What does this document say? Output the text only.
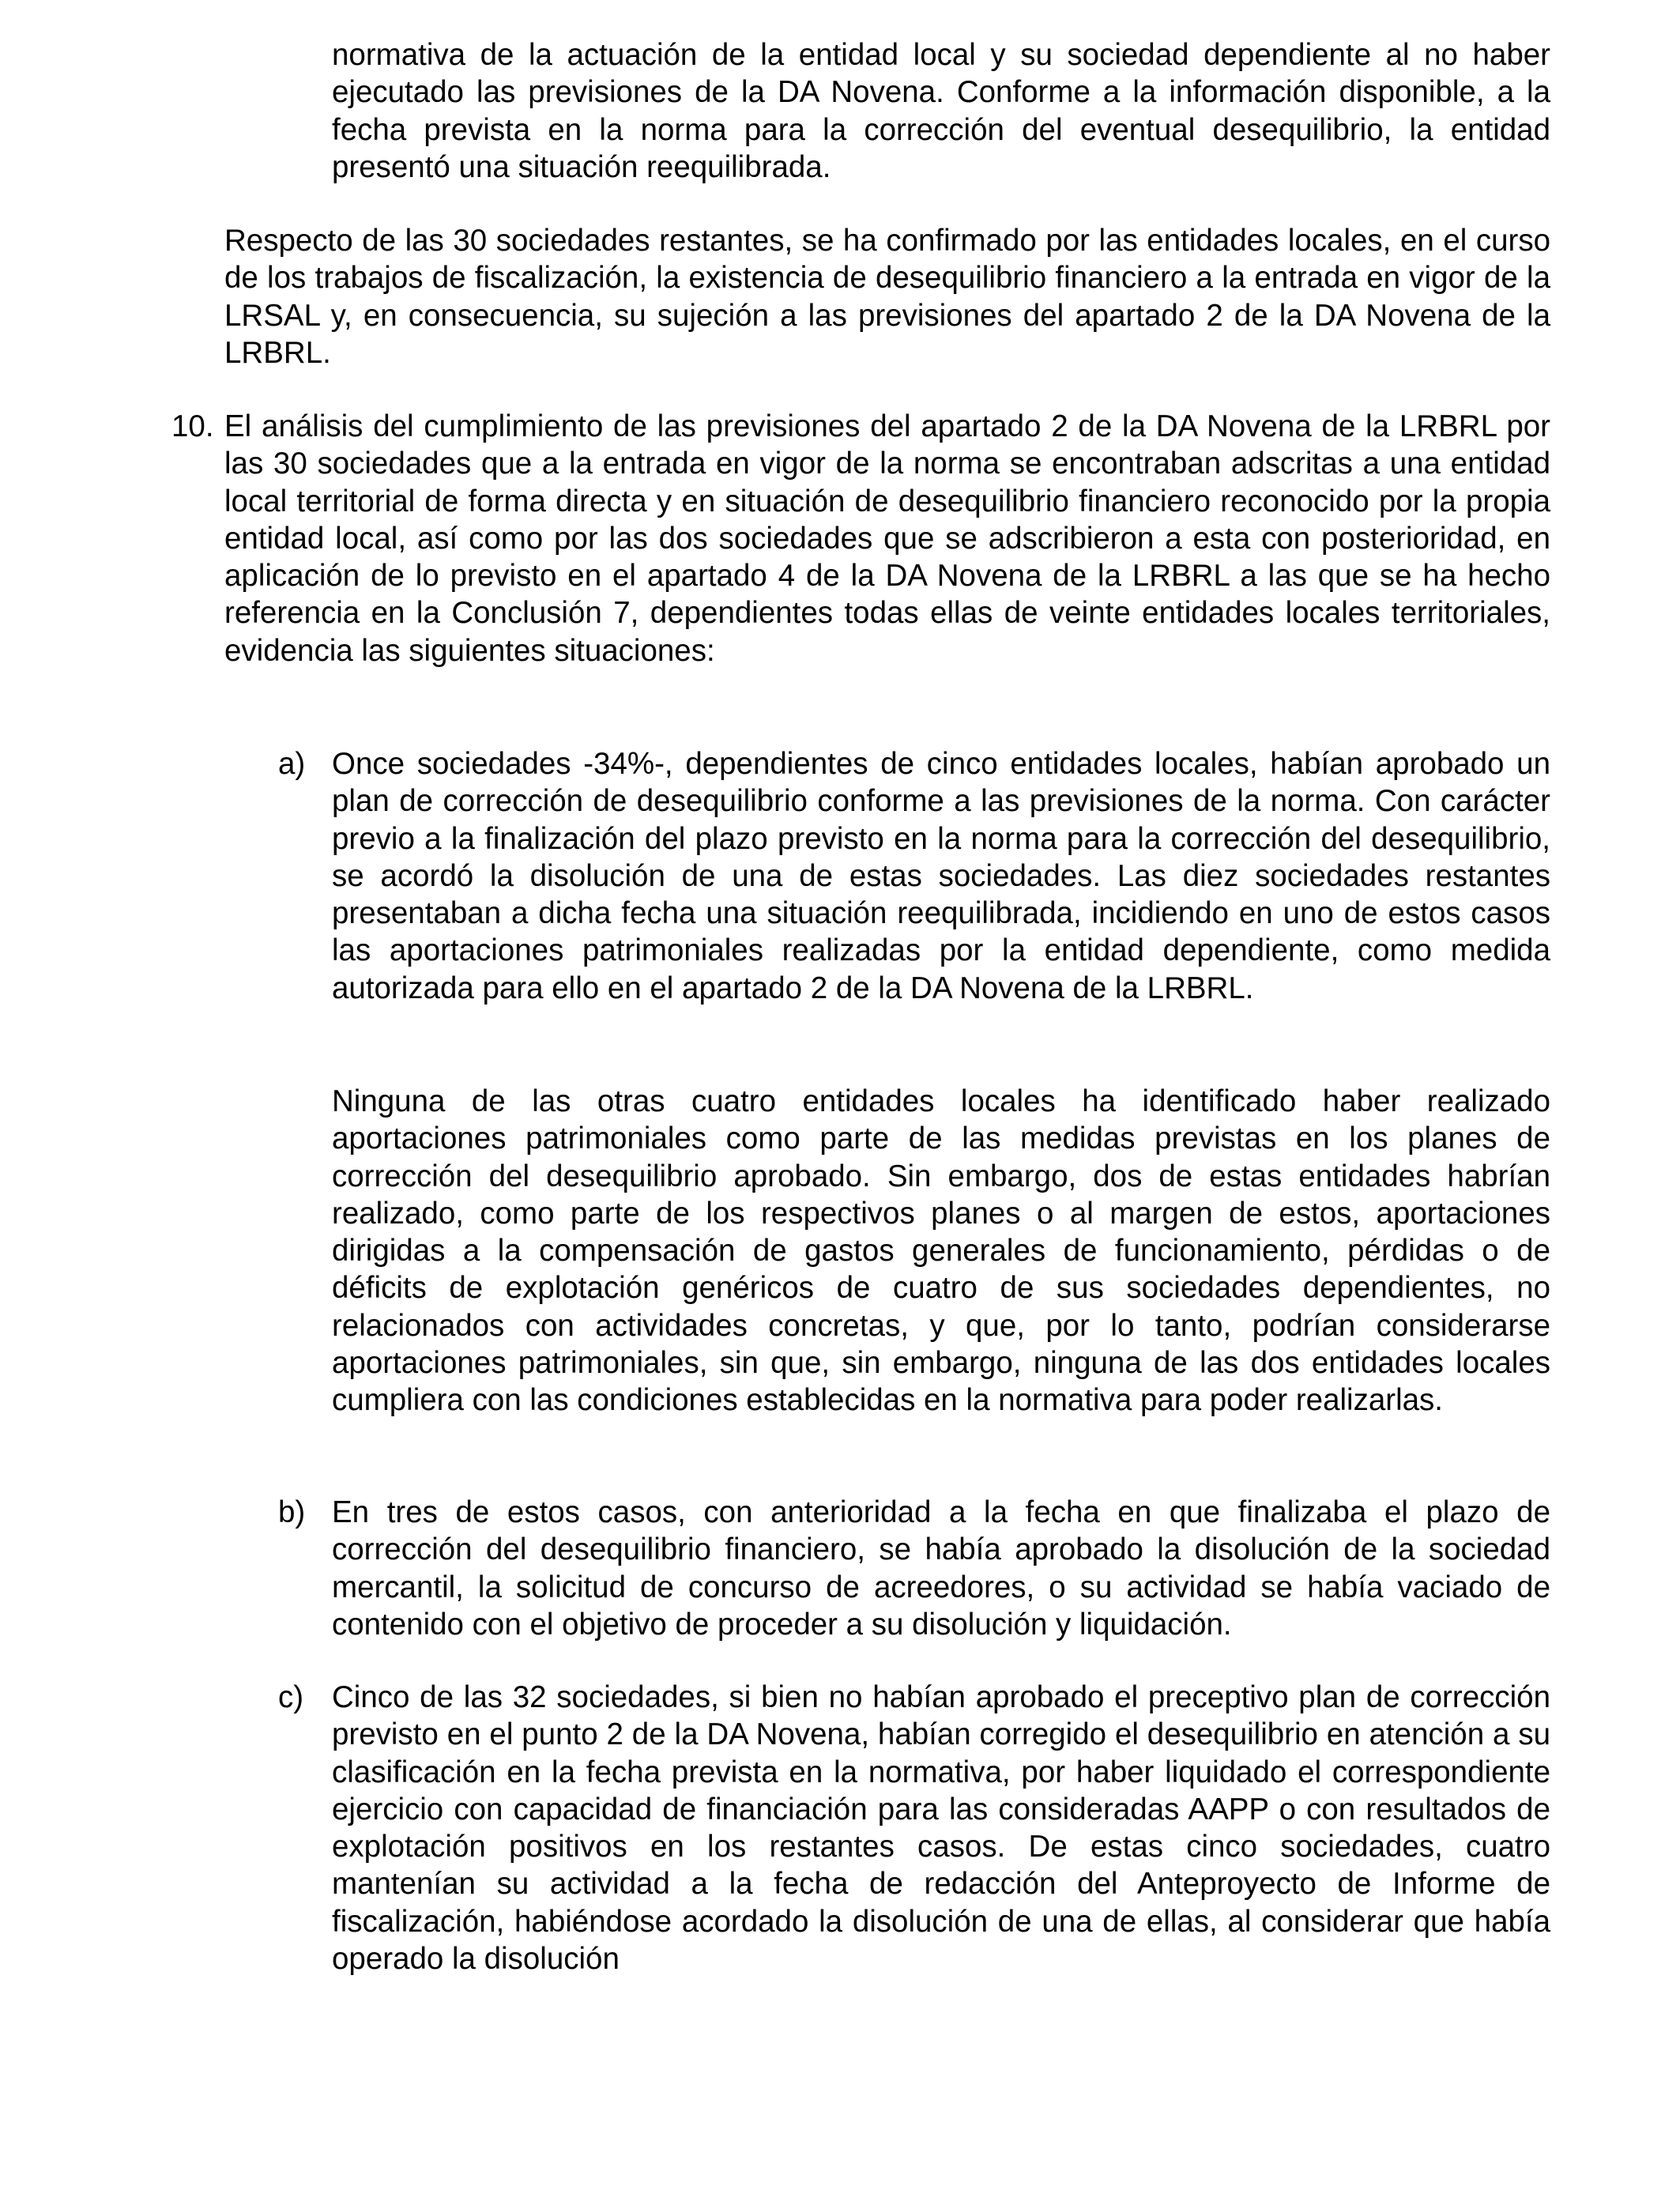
normativa de la actuación de la entidad local y su sociedad dependiente al no haber ejecutado las previsiones de la DA Novena. Conforme a la información disponible, a la fecha prevista en la norma para la corrección del eventual desequilibrio, la entidad presentó una situación reequilibrada.

Respecto de las 30 sociedades restantes, se ha confirmado por las entidades locales, en el curso de los trabajos de fiscalización, la existencia de desequilibrio financiero a la entrada en vigor de la LRSAL y, en consecuencia, su sujeción a las previsiones del apartado 2 de la DA Novena de la LRBRL.

10. El análisis del cumplimiento de las previsiones del apartado 2 de la DA Novena de la LRBRL por las 30 sociedades que a la entrada en vigor de la norma se encontraban adscritas a una entidad local territorial de forma directa y en situación de desequilibrio financiero reconocido por la propia entidad local, así como por las dos sociedades que se adscribieron a esta con posterioridad, en aplicación de lo previsto en el apartado 4 de la DA Novena de la LRBRL a las que se ha hecho referencia en la Conclusión 7, dependientes todas ellas de veinte entidades locales territoriales, evidencia las siguientes situaciones:

a) Once sociedades -34%-, dependientes de cinco entidades locales, habían aprobado un plan de corrección de desequilibrio conforme a las previsiones de la norma. Con carácter previo a la finalización del plazo previsto en la norma para la corrección del desequilibrio, se acordó la disolución de una de estas sociedades. Las diez sociedades restantes presentaban a dicha fecha una situación reequilibrada, incidiendo en uno de estos casos las aportaciones patrimoniales realizadas por la entidad dependiente, como medida autorizada para ello en el apartado 2 de la DA Novena de la LRBRL.

Ninguna de las otras cuatro entidades locales ha identificado haber realizado aportaciones patrimoniales como parte de las medidas previstas en los planes de corrección del desequilibrio aprobado. Sin embargo, dos de estas entidades habrían realizado, como parte de los respectivos planes o al margen de estos, aportaciones dirigidas a la compensación de gastos generales de funcionamiento, pérdidas o de déficits de explotación genéricos de cuatro de sus sociedades dependientes, no relacionados con actividades concretas, y que, por lo tanto, podrían considerarse aportaciones patrimoniales, sin que, sin embargo, ninguna de las dos entidades locales cumpliera con las condiciones establecidas en la normativa para poder realizarlas.

b) En tres de estos casos, con anterioridad a la fecha en que finalizaba el plazo de corrección del desequilibrio financiero, se había aprobado la disolución de la sociedad mercantil, la solicitud de concurso de acreedores, o su actividad se había vaciado de contenido con el objetivo de proceder a su disolución y liquidación.

c) Cinco de las 32 sociedades, si bien no habían aprobado el preceptivo plan de corrección previsto en el punto 2 de la DA Novena, habían corregido el desequilibrio en atención a su clasificación en la fecha prevista en la normativa, por haber liquidado el correspondiente ejercicio con capacidad de financiación para las consideradas AAPP o con resultados de explotación positivos en los restantes casos. De estas cinco sociedades, cuatro mantenían su actividad a la fecha de redacción del Anteproyecto de Informe de fiscalización, habiéndose acordado la disolución de una de ellas, al considerar que había operado la disolución
